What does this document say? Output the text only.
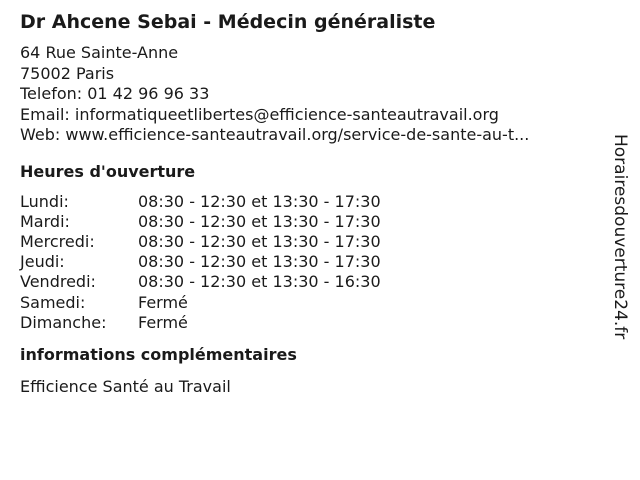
Dr Ahcene Sebai - Médecin généraliste
64 Rue Sainte-Anne
75002 Paris
Telefon: 01 42 96 96 33
Email: informatiqueetlibertes@efficience-santeautravail.org
Web: www.efficience-santeautravail.org/service-de-sante-au-t...
Heures d'ouverture
Lundi:	08:30 - 12:30 et 13:30 - 17:30
Mardi:	08:30 - 12:30 et 13:30 - 17:30
Mercredi:	08:30 - 12:30 et 13:30 - 17:30
Jeudi:	08:30 - 12:30 et 13:30 - 17:30
Vendredi:	08:30 - 12:30 et 13:30 - 16:30
Samedi:	Fermé
Dimanche:	Fermé
informations complémentaires
Efficience Santé au Travail
Horairesdouverture24.fr
